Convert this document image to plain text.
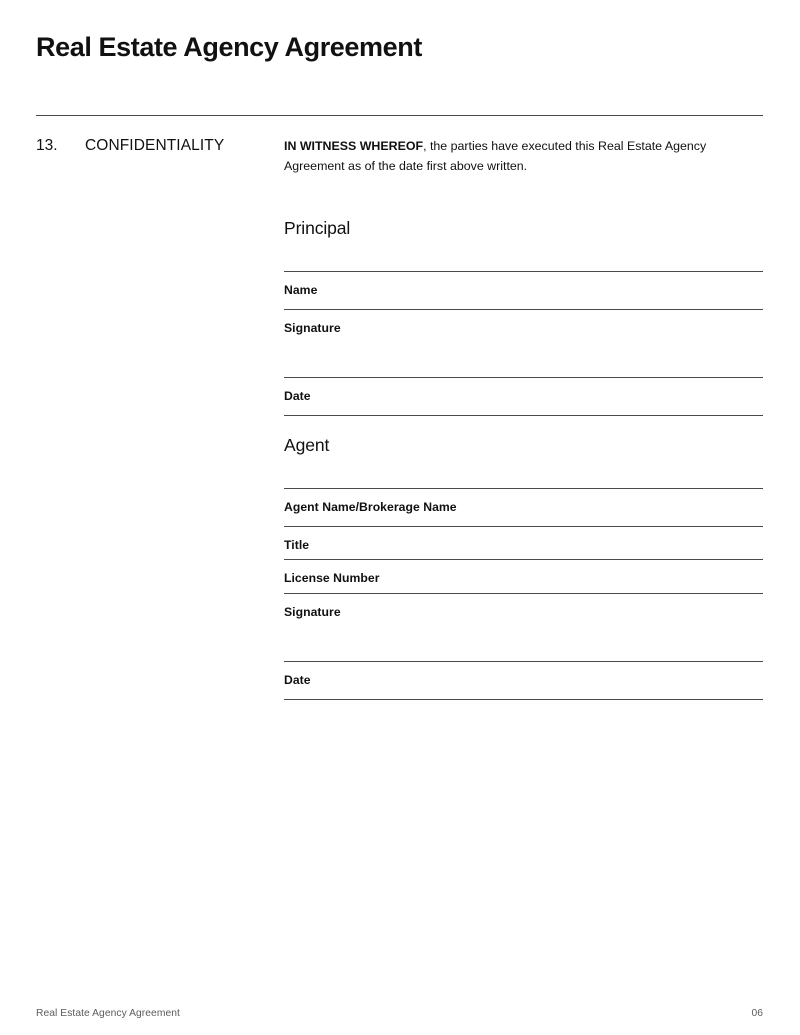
Real Estate Agency Agreement
13. CONFIDENTIALITY	IN WITNESS WHEREOF, the parties have executed this Real Estate Agency Agreement as of the date first above written.

Principal
Name
Signature
Date
Agent
Agent Name/Brokerage Name
Title
License Number
Signature
Date
Real Estate Agency Agreement	06
